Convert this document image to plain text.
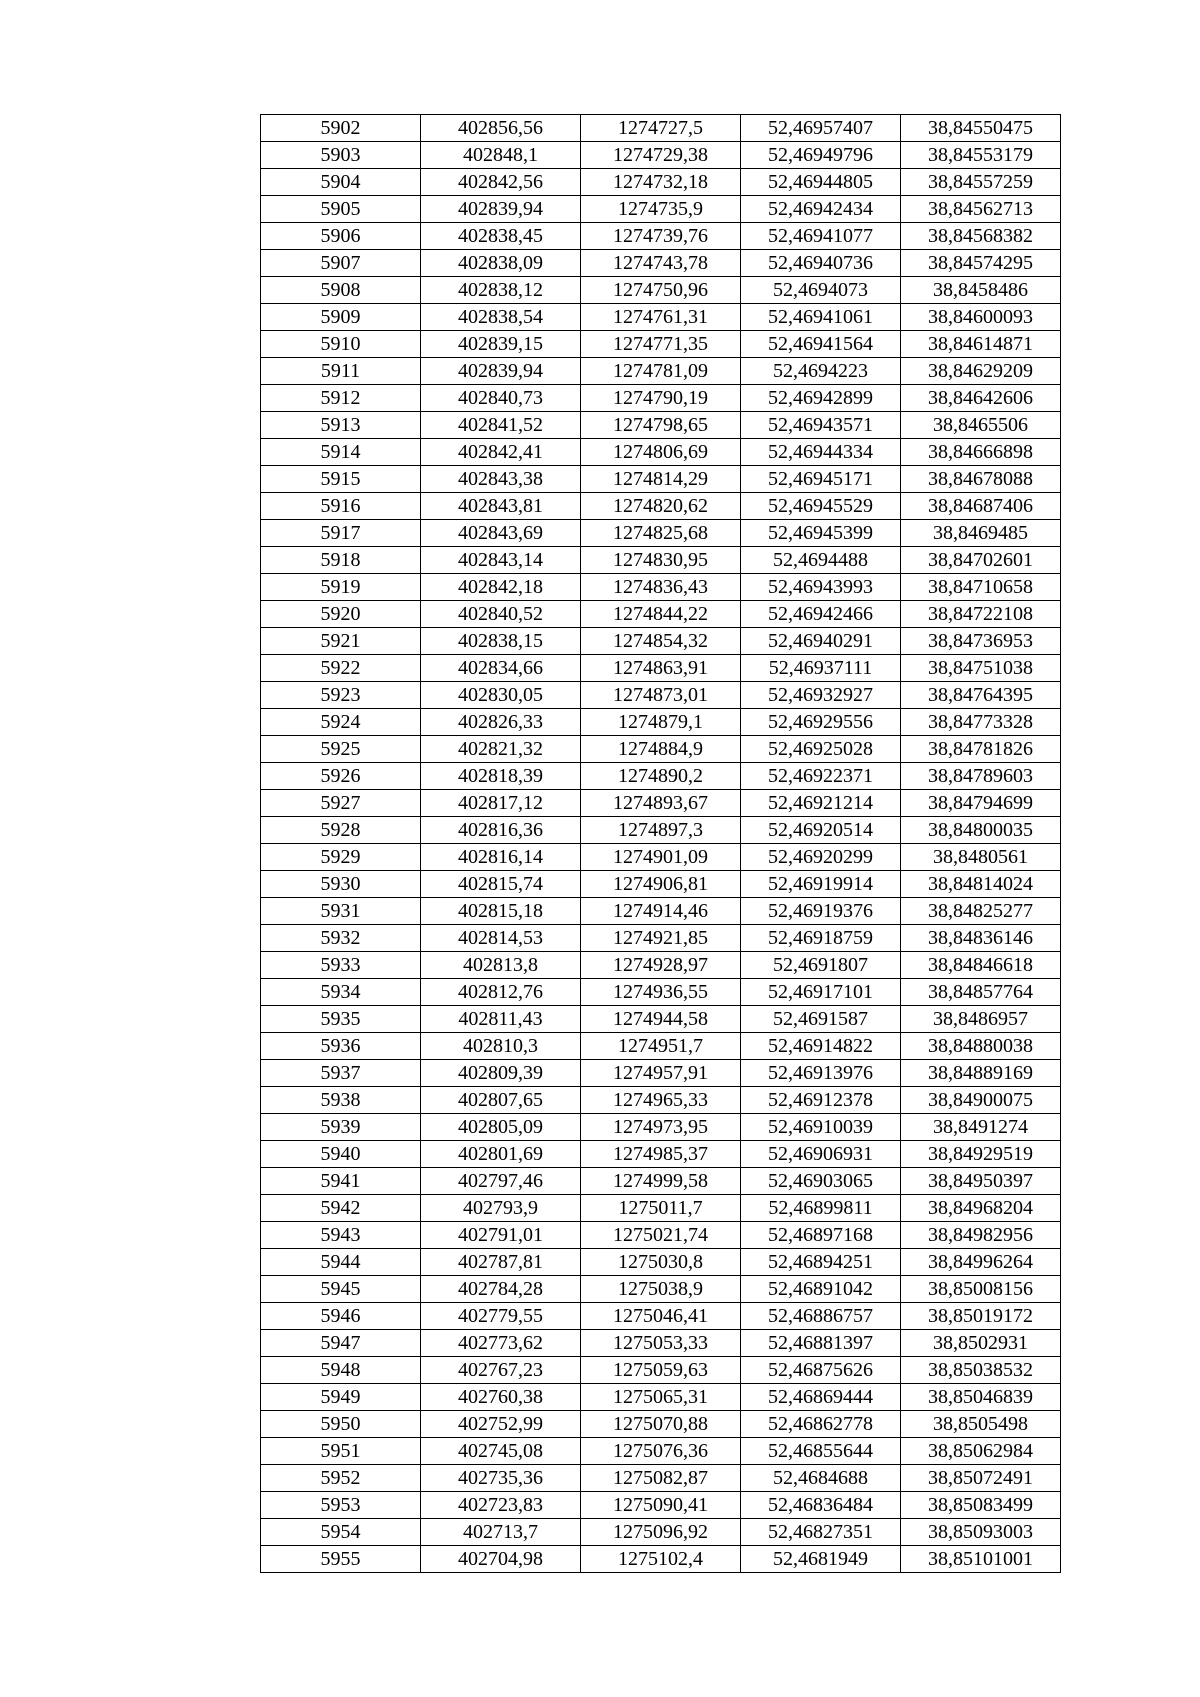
5902	402856,56	1274727,5	52,46957407	38,84550475
5903	402848,1	1274729,38	52,46949796	38,84553179
5904	402842,56	1274732,18	52,46944805	38,84557259
5905	402839,94	1274735,9	52,46942434	38,84562713
5906	402838,45	1274739,76	52,46941077	38,84568382
5907	402838,09	1274743,78	52,46940736	38,84574295
5908	402838,12	1274750,96	52,4694073	38,8458486
5909	402838,54	1274761,31	52,46941061	38,84600093
5910	402839,15	1274771,35	52,46941564	38,84614871
5911	402839,94	1274781,09	52,4694223	38,84629209
5912	402840,73	1274790,19	52,46942899	38,84642606
5913	402841,52	1274798,65	52,46943571	38,8465506
5914	402842,41	1274806,69	52,46944334	38,84666898
5915	402843,38	1274814,29	52,46945171	38,84678088
5916	402843,81	1274820,62	52,46945529	38,84687406
5917	402843,69	1274825,68	52,46945399	38,8469485
5918	402843,14	1274830,95	52,4694488	38,84702601
5919	402842,18	1274836,43	52,46943993	38,84710658
5920	402840,52	1274844,22	52,46942466	38,84722108
5921	402838,15	1274854,32	52,46940291	38,84736953
5922	402834,66	1274863,91	52,46937111	38,84751038
5923	402830,05	1274873,01	52,46932927	38,84764395
5924	402826,33	1274879,1	52,46929556	38,84773328
5925	402821,32	1274884,9	52,46925028	38,84781826
5926	402818,39	1274890,2	52,46922371	38,84789603
5927	402817,12	1274893,67	52,46921214	38,84794699
5928	402816,36	1274897,3	52,46920514	38,84800035
5929	402816,14	1274901,09	52,46920299	38,8480561
5930	402815,74	1274906,81	52,46919914	38,84814024
5931	402815,18	1274914,46	52,46919376	38,84825277
5932	402814,53	1274921,85	52,46918759	38,84836146
5933	402813,8	1274928,97	52,4691807	38,84846618
5934	402812,76	1274936,55	52,46917101	38,84857764
5935	402811,43	1274944,58	52,4691587	38,8486957
5936	402810,3	1274951,7	52,46914822	38,84880038
5937	402809,39	1274957,91	52,46913976	38,84889169
5938	402807,65	1274965,33	52,46912378	38,84900075
5939	402805,09	1274973,95	52,46910039	38,8491274
5940	402801,69	1274985,37	52,46906931	38,84929519
5941	402797,46	1274999,58	52,46903065	38,84950397
5942	402793,9	1275011,7	52,46899811	38,84968204
5943	402791,01	1275021,74	52,46897168	38,84982956
5944	402787,81	1275030,8	52,46894251	38,84996264
5945	402784,28	1275038,9	52,46891042	38,85008156
5946	402779,55	1275046,41	52,46886757	38,85019172
5947	402773,62	1275053,33	52,46881397	38,8502931
5948	402767,23	1275059,63	52,46875626	38,85038532
5949	402760,38	1275065,31	52,46869444	38,85046839
5950	402752,99	1275070,88	52,46862778	38,8505498
5951	402745,08	1275076,36	52,46855644	38,85062984
5952	402735,36	1275082,87	52,4684688	38,85072491
5953	402723,83	1275090,41	52,46836484	38,85083499
5954	402713,7	1275096,92	52,46827351	38,85093003
5955	402704,98	1275102,4	52,4681949	38,85101001
